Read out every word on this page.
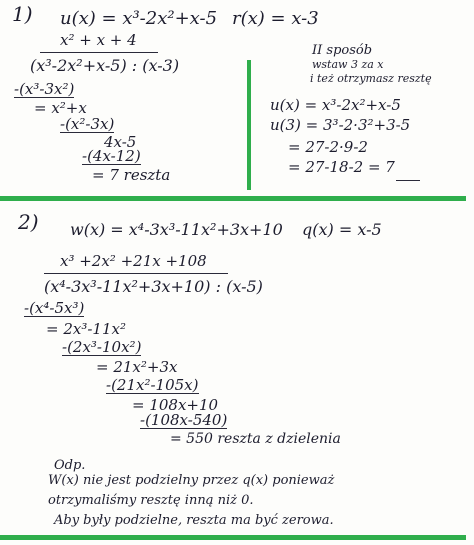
1) u(x) = x³-2x²+x-5 r(x) = x-3
x² + x + 4
(x³-2x²+x-5) : (x-3)
-(x³-3x²)
= x²+x
-(x²-3x)
4x-5
-(4x-12)
= 7 reszta
II sposób
wstaw 3 za x
i też otrzymasz resztę
u(x) = x³-2x²+x-5
u(3) = 3³-2·3²+3-5
= 27-2·9-2
= 27-18-2 = 7
2) w(x) = x⁴-3x³-11x²+3x+10 q(x) = x-5
x³ +2x² +21x +108
(x⁴-3x³-11x²+3x+10) : (x-5)
-(x⁴-5x³)
= 2x³-11x²
-(2x³-10x²)
= 21x²+3x
-(21x²-105x)
= 108x+10
-(108x-540)
= 550 reszta z dzielenia
Odp.
W(x) nie jest podzielny przez q(x) ponieważ
otrzymaliśmy resztę inną niż 0.
Aby były podzielne, reszta ma być zerowa.
